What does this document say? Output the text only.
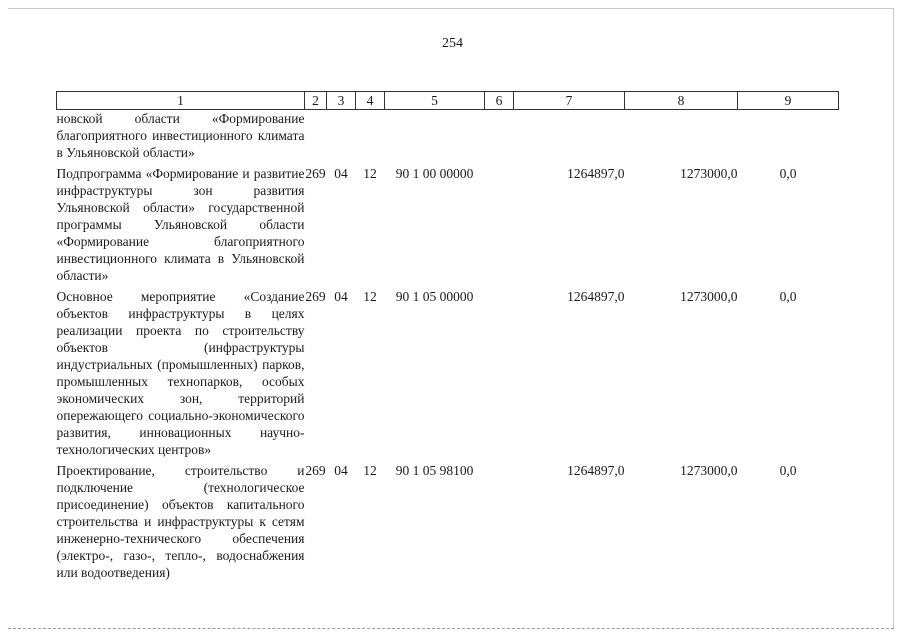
254
1	2	3	4	5	6	7	8	9
новской области «Формирование благоприятного инвестиционного климата в Ульяновской области»								

Подпрограмма «Формирование и развитие инфраструктуры зон развития Ульяновской области» государственной программы Ульяновской области «Формирование благоприятного инвестиционного климата в Ульяновской области»	269	04	12	90 1 00 00000		1264897,0	1273000,0	0,0

Основное мероприятие «Создание объектов инфраструктуры в целях реализации проекта по строительству объектов (инфраструктуры индустриальных (промышленных) парков, промышленных технопарков, особых экономических зон, территорий опережающего социально-экономического развития, инновационных научно-технологических центров»	269	04	12	90 1 05 00000		1264897,0	1273000,0	0,0

Проектирование, строительство и подключение (технологическое присоединение) объектов капитального строительства и инфраструктуры к сетям инженерно-технического обеспечения (электро-, газо-, тепло-, водоснабжения или водоотведения)	269	04	12	90 1 05 98100		1264897,0	1273000,0	0,0
